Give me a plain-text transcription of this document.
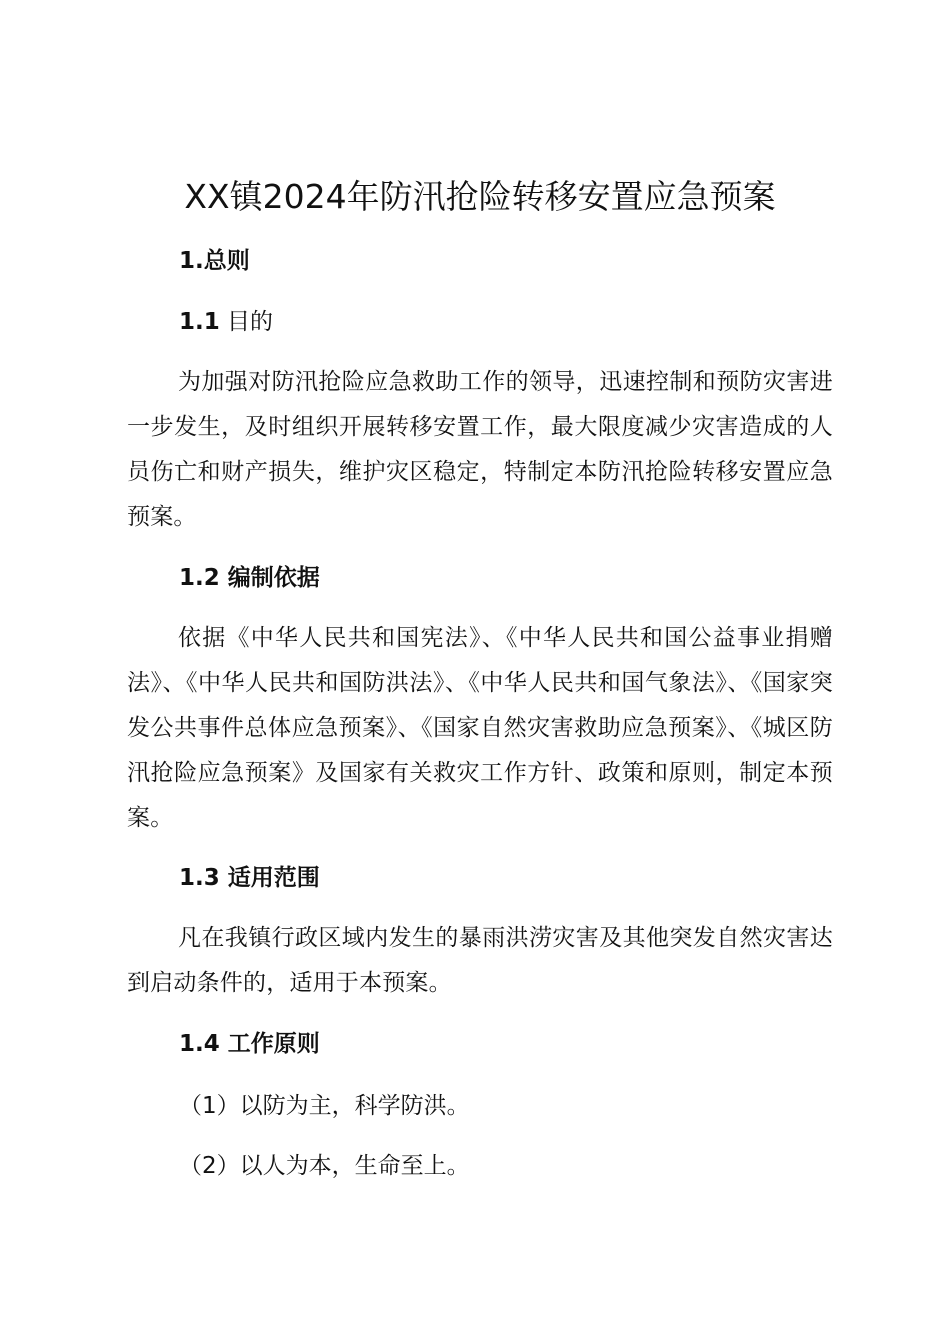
XX镇2024年防汛抢险转移安置应急预案
1.总则
1.1 目的
为加强对防汛抢险应急救助工作的领导，迅速控制和预防灾害进一步发生，及时组织开展转移安置工作，最大限度减少灾害造成的人员伤亡和财产损失，维护灾区稳定，特制定本防汛抢险转移安置应急预案。
1.2 编制依据
依据《中华人民共和国宪法》、《中华人民共和国公益事业捐赠法》、《中华人民共和国防洪法》、《中华人民共和国气象法》、《国家突发公共事件总体应急预案》、《国家自然灾害救助应急预案》、《城区防汛抢险应急预案》及国家有关救灾工作方针、政策和原则，制定本预案。
1.3 适用范围
凡在我镇行政区域内发生的暴雨洪涝灾害及其他突发自然灾害达到启动条件的，适用于本预案。
1.4 工作原则
（1）以防为主，科学防洪。
（2）以人为本，生命至上。
